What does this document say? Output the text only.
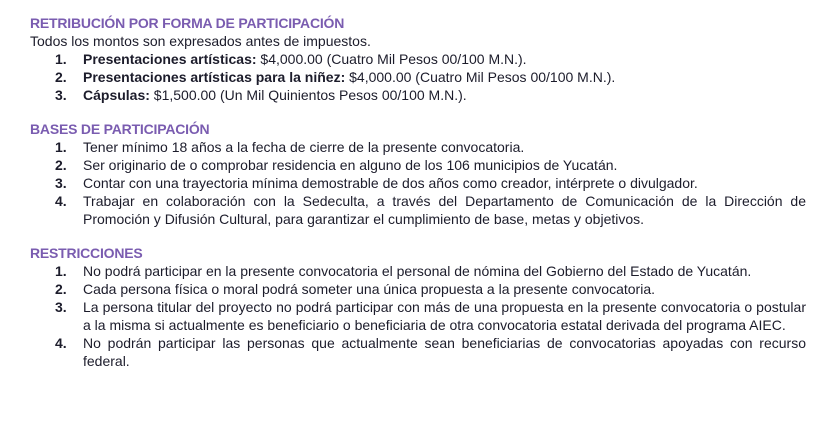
RETRIBUCIÓN POR FORMA DE PARTICIPACIÓN
Todos los montos son expresados antes de impuestos.
1.	Presentaciones artísticas: $4,000.00 (Cuatro Mil Pesos 00/100 M.N.).
2.	Presentaciones artísticas para la niñez: $4,000.00 (Cuatro Mil Pesos 00/100 M.N.).
3.	Cápsulas: $1,500.00 (Un Mil Quinientos Pesos 00/100 M.N.).
BASES DE PARTICIPACIÓN
1.	Tener mínimo 18 años a la fecha de cierre de la presente convocatoria.
2.	Ser originario de o comprobar residencia en alguno de los 106 municipios de Yucatán.
3.	Contar con una trayectoria mínima demostrable de dos años como creador, intérprete o divulgador.
4.	Trabajar en colaboración con la Sedeculta, a través del Departamento de Comunicación de la Dirección de Promoción y Difusión Cultural, para garantizar el cumplimiento de base, metas y objetivos.
RESTRICCIONES
1.	No podrá participar en la presente convocatoria el personal de nómina del Gobierno del Estado de Yucatán.
2.	Cada persona física o moral podrá someter una única propuesta a la presente convocatoria.
3.	La persona titular del proyecto no podrá participar con más de una propuesta en la presente convocatoria o postular a la misma si actualmente es beneficiario o beneficiaria de otra convocatoria estatal derivada del programa AIEC.
4.	No podrán participar las personas que actualmente sean beneficiarias de convocatorias apoyadas con recurso federal.
